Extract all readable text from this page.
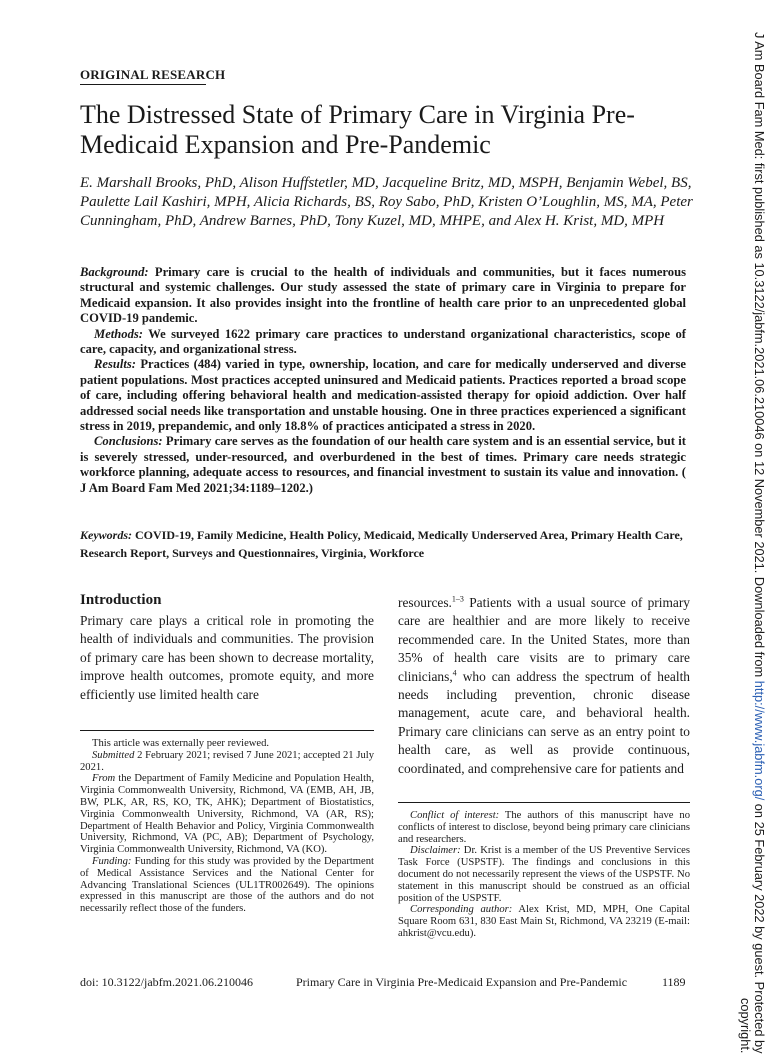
ORIGINAL RESEARCH
The Distressed State of Primary Care in Virginia Pre-Medicaid Expansion and Pre-Pandemic
E. Marshall Brooks, PhD, Alison Huffstetler, MD, Jacqueline Britz, MD, MSPH, Benjamin Webel, BS, Paulette Lail Kashiri, MPH, Alicia Richards, BS, Roy Sabo, PhD, Kristen O’Loughlin, MS, MA, Peter Cunningham, PhD, Andrew Barnes, PhD, Tony Kuzel, MD, MHPE, and Alex H. Krist, MD, MPH

Background: Primary care is crucial to the health of individuals and communities, but it faces numerous structural and systemic challenges. Our study assessed the state of primary care in Virginia to prepare for Medicaid expansion. It also provides insight into the frontline of health care prior to an unprecedented global COVID-19 pandemic.

Methods: We surveyed 1622 primary care practices to understand organizational characteristics, scope of care, capacity, and organizational stress.

Results: Practices (484) varied in type, ownership, location, and care for medically underserved and diverse patient populations. Most practices accepted uninsured and Medicaid patients. Practices reported a broad scope of care, including offering behavioral health and medication-assisted therapy for opioid addiction. Over half addressed social needs like transportation and unstable housing. One in three practices experienced a significant stress in 2019, prepandemic, and only 18.8% of practices anticipated a stress in 2020.

Conclusions: Primary care serves as the foundation of our health care system and is an essential service, but it is severely stressed, under-resourced, and overburdened in the best of times. Primary care needs strategic workforce planning, adequate access to resources, and financial investment to sustain its value and innovation. ( J Am Board Fam Med 2021;34:1189–1202.)

Keywords: COVID-19, Family Medicine, Health Policy, Medicaid, Medically Underserved Area, Primary Health Care, Research Report, Surveys and Questionnaires, Virginia, Workforce
Introduction
Primary care plays a critical role in promoting the health of individuals and communities. The provision of primary care has been shown to decrease mortality, improve health outcomes, promote equity, and more efficiently use limited health care
resources.$^{1-3}$ Patients with a usual source of primary care are healthier and are more likely to receive recommended care. In the United States, more than 35% of health care visits are to primary care clinicians,$^4$ who can address the spectrum of health needs including prevention, chronic disease management, acute care, and behavioral health. Primary care clinicians can serve as an entry point to health care, as well as provide continuous, coordinated, and comprehensive care for patients and

This article was externally peer reviewed.

Submitted 2 February 2021; revised 7 June 2021; accepted 21 July 2021.

From the Department of Family Medicine and Population Health, Virginia Commonwealth University, Richmond, VA (EMB, AH, JB, BW, PLK, AR, RS, KO, TK, AHK); Department of Biostatistics, Virginia Commonwealth University, Richmond, VA (AR, RS); Department of Health Behavior and Policy, Virginia Commonwealth University, Richmond, VA (PC, AB); Department of Psychology, Virginia Commonwealth University, Richmond, VA (KO).

Funding: Funding for this study was provided by the Department of Medical Assistance Services and the National Center for Advancing Translational Sciences (UL1TR002649). The opinions expressed in this manuscript are those of the authors and do not necessarily reflect those of the funders.

Conflict of interest: The authors of this manuscript have no conflicts of interest to disclose, beyond being primary care clinicians and researchers.

Disclaimer: Dr. Krist is a member of the US Preventive Services Task Force (USPSTF). The findings and conclusions in this document do not necessarily represent the views of the USPSTF. No statement in this manuscript should be construed as an official position of the USPSTF.

Corresponding author: Alex Krist, MD, MPH, One Capital Square Room 631, 830 East Main St, Richmond, VA 23219 (E-mail: ahkrist@vcu.edu).

doi: 10.3122/jabfm.2021.06.210046	Primary Care in Virginia Pre-Medicaid Expansion and Pre-Pandemic	1189
J Am Board Fam Med: first published as 10.3122/jabfm.2021.06.210046 on 12 November 2021. Downloaded from http://www.jabfm.org/ on 25 February 2022 by guest. Protected by
copyright.
